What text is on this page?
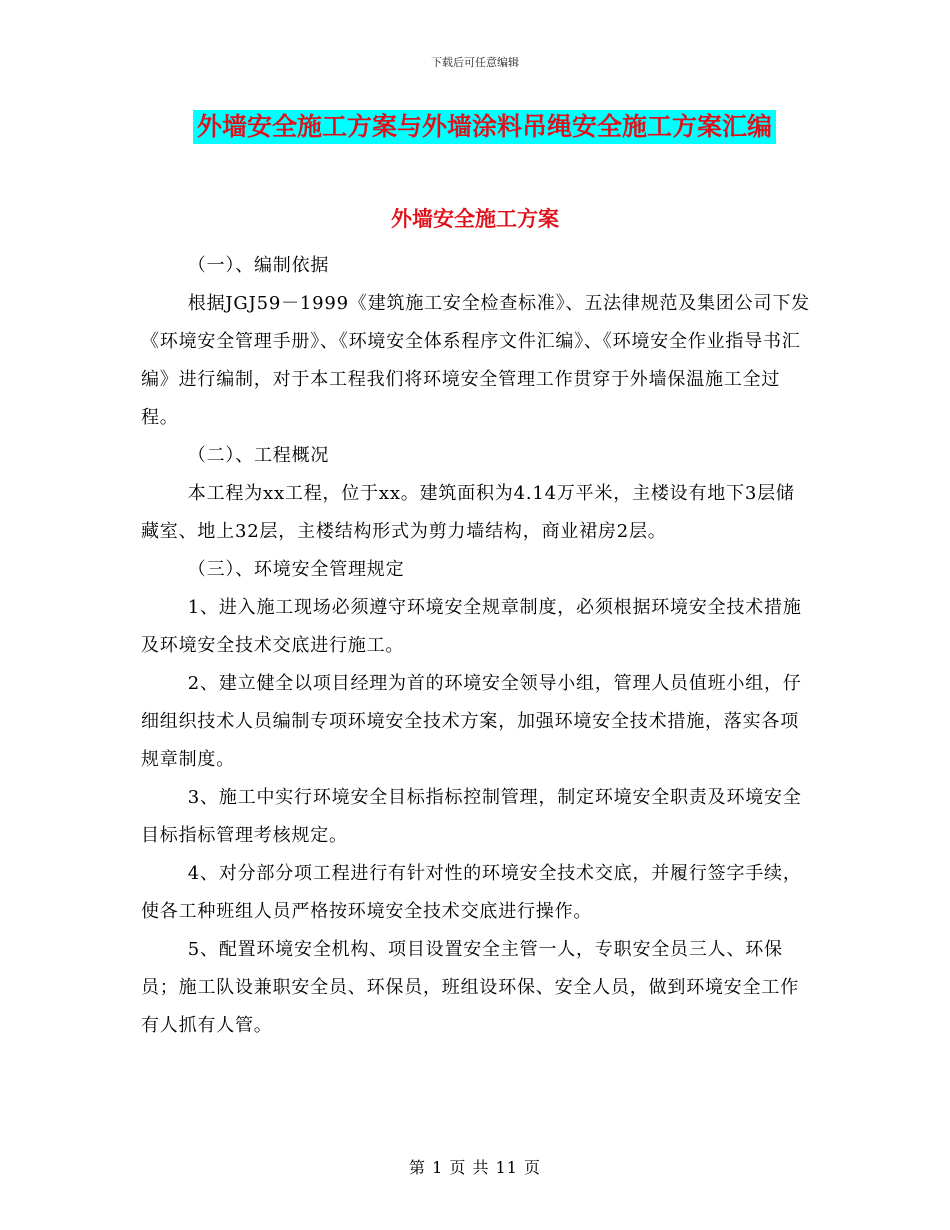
下载后可任意编辑
外墙安全施工方案与外墙涂料吊绳安全施工方案汇编
外墙安全施工方案

（一）、编制依据

根据JGJ59－1999《建筑施工安全检查标准》、五法律规范及集团公司下发《环境安全管理手册》、《环境安全体系程序文件汇编》、《环境安全作业指导书汇编》进行编制，对于本工程我们将环境安全管理工作贯穿于外墙保温施工全过程。

（二）、工程概况

本工程为xx工程，位于xx。建筑面积为4.14万平米，主楼设有地下3层储藏室、地上32层，主楼结构形式为剪力墙结构，商业裙房2层。

（三）、环境安全管理规定

1、进入施工现场必须遵守环境安全规章制度，必须根据环境安全技术措施及环境安全技术交底进行施工。

2、建立健全以项目经理为首的环境安全领导小组，管理人员值班小组，仔细组织技术人员编制专项环境安全技术方案，加强环境安全技术措施，落实各项规章制度。

3、施工中实行环境安全目标指标控制管理，制定环境安全职责及环境安全目标指标管理考核规定。

4、对分部分项工程进行有针对性的环境安全技术交底，并履行签字手续，使各工种班组人员严格按环境安全技术交底进行操作。

5、配置环境安全机构、项目设置安全主管一人，专职安全员三人、环保员；施工队设兼职安全员、环保员，班组设环保、安全人员，做到环境安全工作有人抓有人管。

第 1 页 共 11 页
